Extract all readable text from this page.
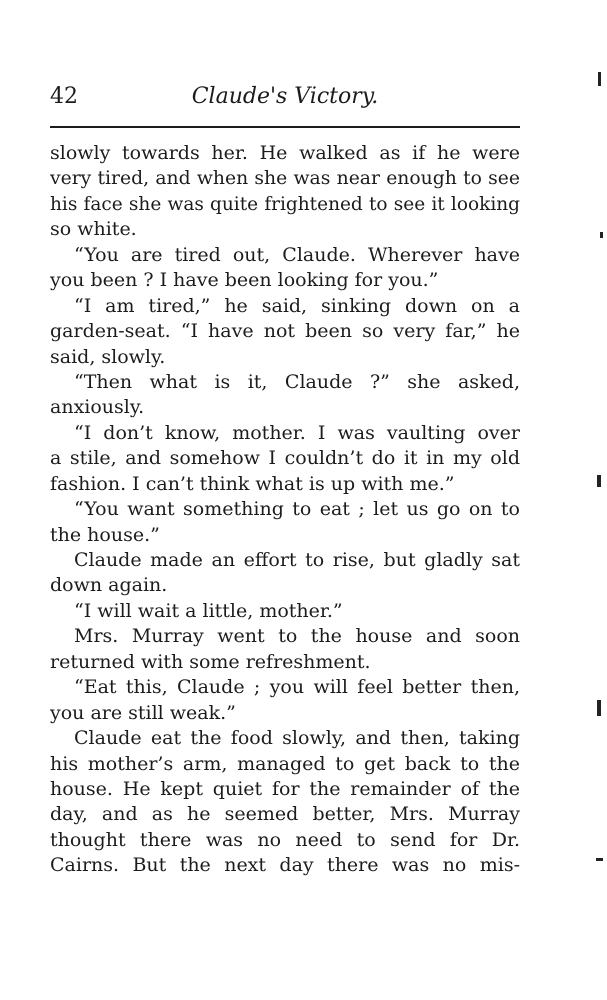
42	Claude's Victory.
slowly towards her. He walked as if he were
very tired, and when she was near enough to see
his face she was quite frightened to see it looking
so white.
“You are tired out, Claude. Wherever have
you been ? I have been looking for you.”
“I am tired,” he said, sinking down on a
garden-seat. “I have not been so very far,” he
said, slowly.
“Then what is it, Claude ?” she asked,
anxiously.
“I don’t know, mother. I was vaulting over
a stile, and somehow I couldn’t do it in my old
fashion. I can’t think what is up with me.”
“You want something to eat ; let us go on to
the house.”
Claude made an effort to rise, but gladly sat
down again.
“I will wait a little, mother.”
Mrs. Murray went to the house and soon
returned with some refreshment.
“Eat this, Claude ; you will feel better then,
you are still weak.”
Claude eat the food slowly, and then, taking
his mother’s arm, managed to get back to the
house. He kept quiet for the remainder of the
day, and as he seemed better, Mrs. Murray
thought there was no need to send for Dr.
Cairns. But the next day there was no mis-
